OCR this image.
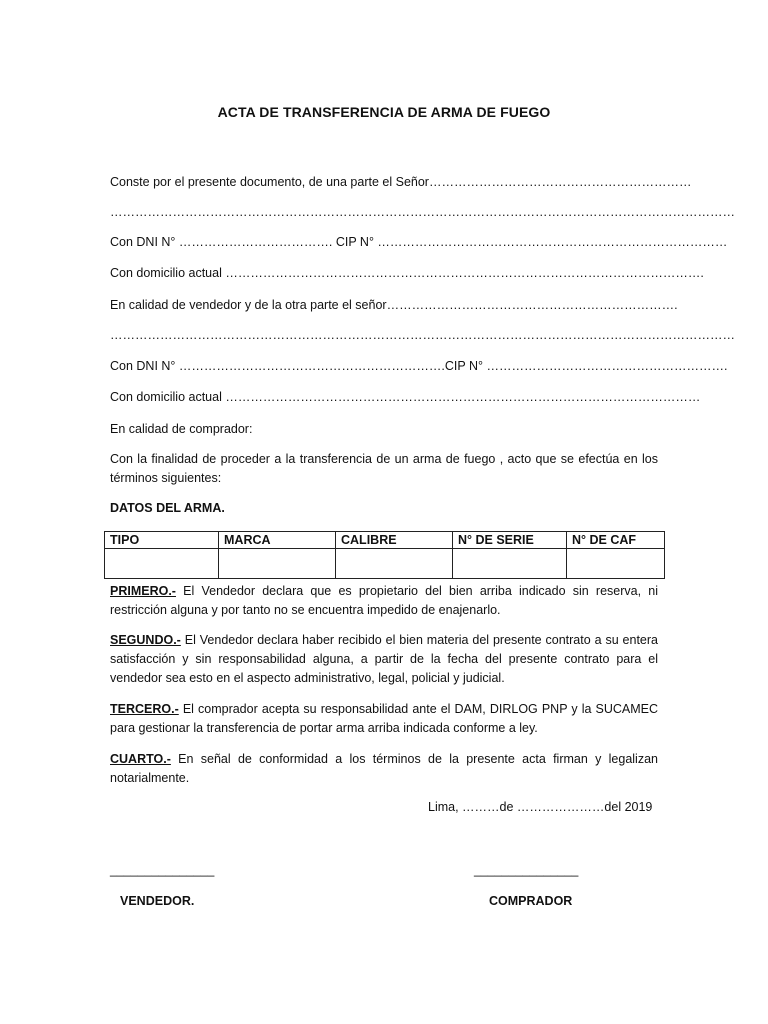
ACTA DE TRANSFERENCIA DE ARMA DE FUEGO
Conste por el presente documento, de una parte el Señor………………………………………………………
……………………………………………………………………………………………………………………………………
Con DNI N° ………………………………. CIP N° …………………………………………………………………………
Con domicilio actual …………………………………………………………………………………………………….
En calidad de vendedor y de la otra parte el señor…………………………………………………………….
……………………………………………………………………………………………………………………………………
Con DNI N° ……………………………………………………….CIP N° ………………………………………………….
Con domicilio actual ……………………………………………………………………………………………………
En calidad de comprador:
Con la finalidad de proceder a la transferencia de un arma de fuego , acto que se efectúa en los términos siguientes:
DATOS DEL ARMA.
TIPO	MARCA	CALIBRE	N° DE SERIE	N° DE CAF

PRIMERO.- El Vendedor declara que es propietario del bien arriba indicado sin reserva, ni restricción alguna y por tanto no se encuentra impedido de enajenarlo.
SEGUNDO.- El Vendedor declara haber recibido el bien materia del presente contrato a su entera satisfacción y sin responsabilidad alguna, a partir de la fecha del presente contrato para el vendedor sea esto en el aspecto administrativo, legal, policial y judicial.
TERCERO.- El comprador acepta su responsabilidad ante el DAM, DIRLOG PNP y la SUCAMEC para gestionar la transferencia de portar arma arriba indicada conforme a ley.
CUARTO.- En señal de conformidad a los términos de la presente acta firman y legalizan notarialmente.
Lima, ………de …………………del 2019
_______________	_______________
VENDEDOR.	COMPRADOR
